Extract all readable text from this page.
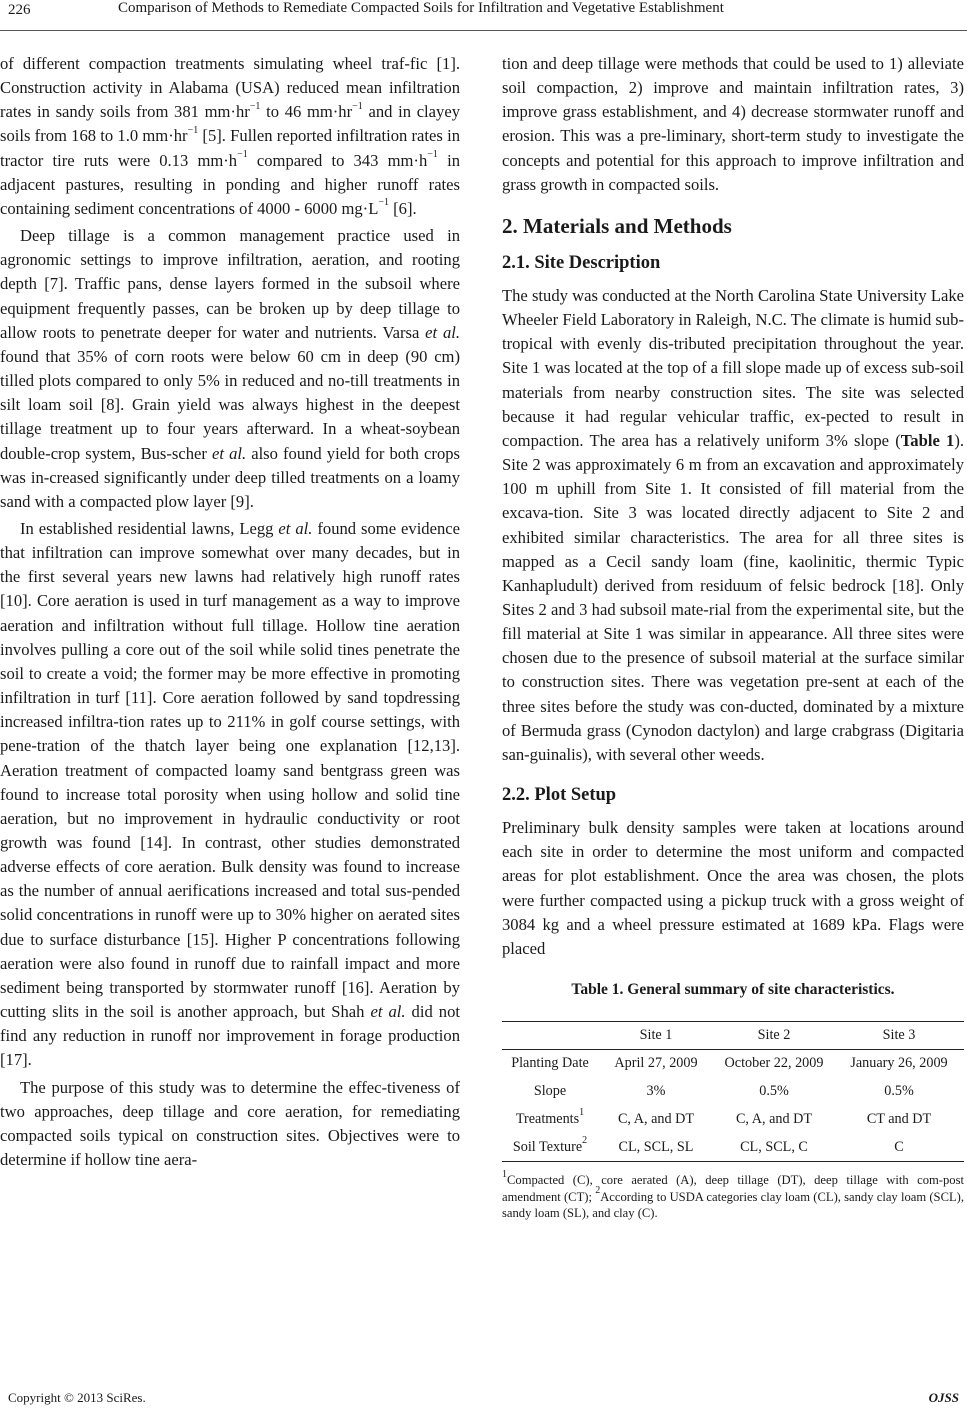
226	Comparison of Methods to Remediate Compacted Soils for Infiltration and Vegetative Establishment

of different compaction treatments simulating wheel traf-fic [1]. Construction activity in Alabama (USA) reduced mean infiltration rates in sandy soils from 381 $mm\cdot hr^{-1}$ to 46 $mm\cdot hr^{-1}$ and in clayey soils from 168 to 1.0 $mm\cdot hr^{-1}$ [5]. Fullen reported infiltration rates in tractor tire ruts were 0.13 $mm\cdot h^{-1}$ compared to 343 $mm\cdot h^{-1}$ in adjacent pastures, resulting in ponding and higher runoff rates containing sediment concentrations of 4000 - 6000 $mg\cdot L^{-1}$ [6].

Deep tillage is a common management practice used in agronomic settings to improve infiltration, aeration, and rooting depth [7]. Traffic pans, dense layers formed in the subsoil where equipment frequently passes, can be broken up by deep tillage to allow roots to penetrate deeper for water and nutrients. Varsa et al. found that 35% of corn roots were below 60 cm in deep (90 cm) tilled plots compared to only 5% in reduced and no-till treatments in silt loam soil [8]. Grain yield was always highest in the deepest tillage treatment up to four years afterward. In a wheat-soybean double-crop system, Bus-scher et al. also found yield for both crops was in-creased significantly under deep tilled treatments on a loamy sand with a compacted plow layer [9].

In established residential lawns, Legg et al. found some evidence that infiltration can improve somewhat over many decades, but in the first several years new lawns had relatively high runoff rates [10]. Core aeration is used in turf management as a way to improve aeration and infiltration without full tillage. Hollow tine aeration involves pulling a core out of the soil while solid tines penetrate the soil to create a void; the former may be more effective in promoting infiltration in turf [11]. Core aeration followed by sand topdressing increased infiltra-tion rates up to 211% in golf course settings, with pene-tration of the thatch layer being one explanation [12,13]. Aeration treatment of compacted loamy sand bentgrass green was found to increase total porosity when using hollow and solid tine aeration, but no improvement in hydraulic conductivity or root growth was found [14]. In contrast, other studies demonstrated adverse effects of core aeration. Bulk density was found to increase as the number of annual aerifications increased and total sus-pended solid concentrations in runoff were up to 30% higher on aerated sites due to surface disturbance [15]. Higher P concentrations following aeration were also found in runoff due to rainfall impact and more sediment being transported by stormwater runoff [16]. Aeration by cutting slits in the soil is another approach, but Shah et al. did not find any reduction in runoff nor improvement in forage production [17].

The purpose of this study was to determine the effec-tiveness of two approaches, deep tillage and core aeration, for remediating compacted soils typical on construction sites. Objectives were to determine if hollow tine aera-

tion and deep tillage were methods that could be used to 1) alleviate soil compaction, 2) improve and maintain infiltration rates, 3) improve grass establishment, and 4) decrease stormwater runoff and erosion. This was a pre-liminary, short-term study to investigate the concepts and potential for this approach to improve infiltration and grass growth in compacted soils.

2. Materials and Methods
2.1. Site Description

The study was conducted at the North Carolina State University Lake Wheeler Field Laboratory in Raleigh, N.C. The climate is humid sub-tropical with evenly dis-tributed precipitation throughout the year. Site 1 was located at the top of a fill slope made up of excess sub-soil materials from nearby construction sites. The site was selected because it had regular vehicular traffic, ex-pected to result in compaction. The area has a relatively uniform 3% slope (Table 1). Site 2 was approximately 6 m from an excavation and approximately 100 m uphill from Site 1. It consisted of fill material from the excava-tion. Site 3 was located directly adjacent to Site 2 and exhibited similar characteristics. The area for all three sites is mapped as a Cecil sandy loam (fine, kaolinitic, thermic Typic Kanhapludult) derived from residuum of felsic bedrock [18]. Only Sites 2 and 3 had subsoil mate-rial from the experimental site, but the fill material at Site 1 was similar in appearance. All three sites were chosen due to the presence of subsoil material at the surface similar to construction sites. There was vegetation pre-sent at each of the three sites before the study was con-ducted, dominated by a mixture of Bermuda grass (Cynodon dactylon) and large crabgrass (Digitaria san-guinalis), with several other weeds.

2.2. Plot Setup

Preliminary bulk density samples were taken at locations around each site in order to determine the most uniform and compacted areas for plot establishment. Once the area was chosen, the plots were further compacted using a pickup truck with a gross weight of 3084 kg and a wheel pressure estimated at 1689 kPa. Flags were placed

Table 1. General summary of site characteristics.
	Site 1	Site 2	Site 3
Planting Date	April 27, 2009	October 22, 2009	January 26, 2009
Slope	3%	0.5%	0.5%
Treatments$^1$	C, A, and DT	C, A, and DT	CT and DT
Soil Texture$^2$	CL, SCL, SL	CL, SCL, C	C

$^1$Compacted (C), core aerated (A), deep tillage (DT), deep tillage with com-post amendment (CT); $^2$According to USDA categories clay loam (CL), sandy clay loam (SCL), sandy loam (SL), and clay (C).

Copyright © 2013 SciRes.	OJSS
